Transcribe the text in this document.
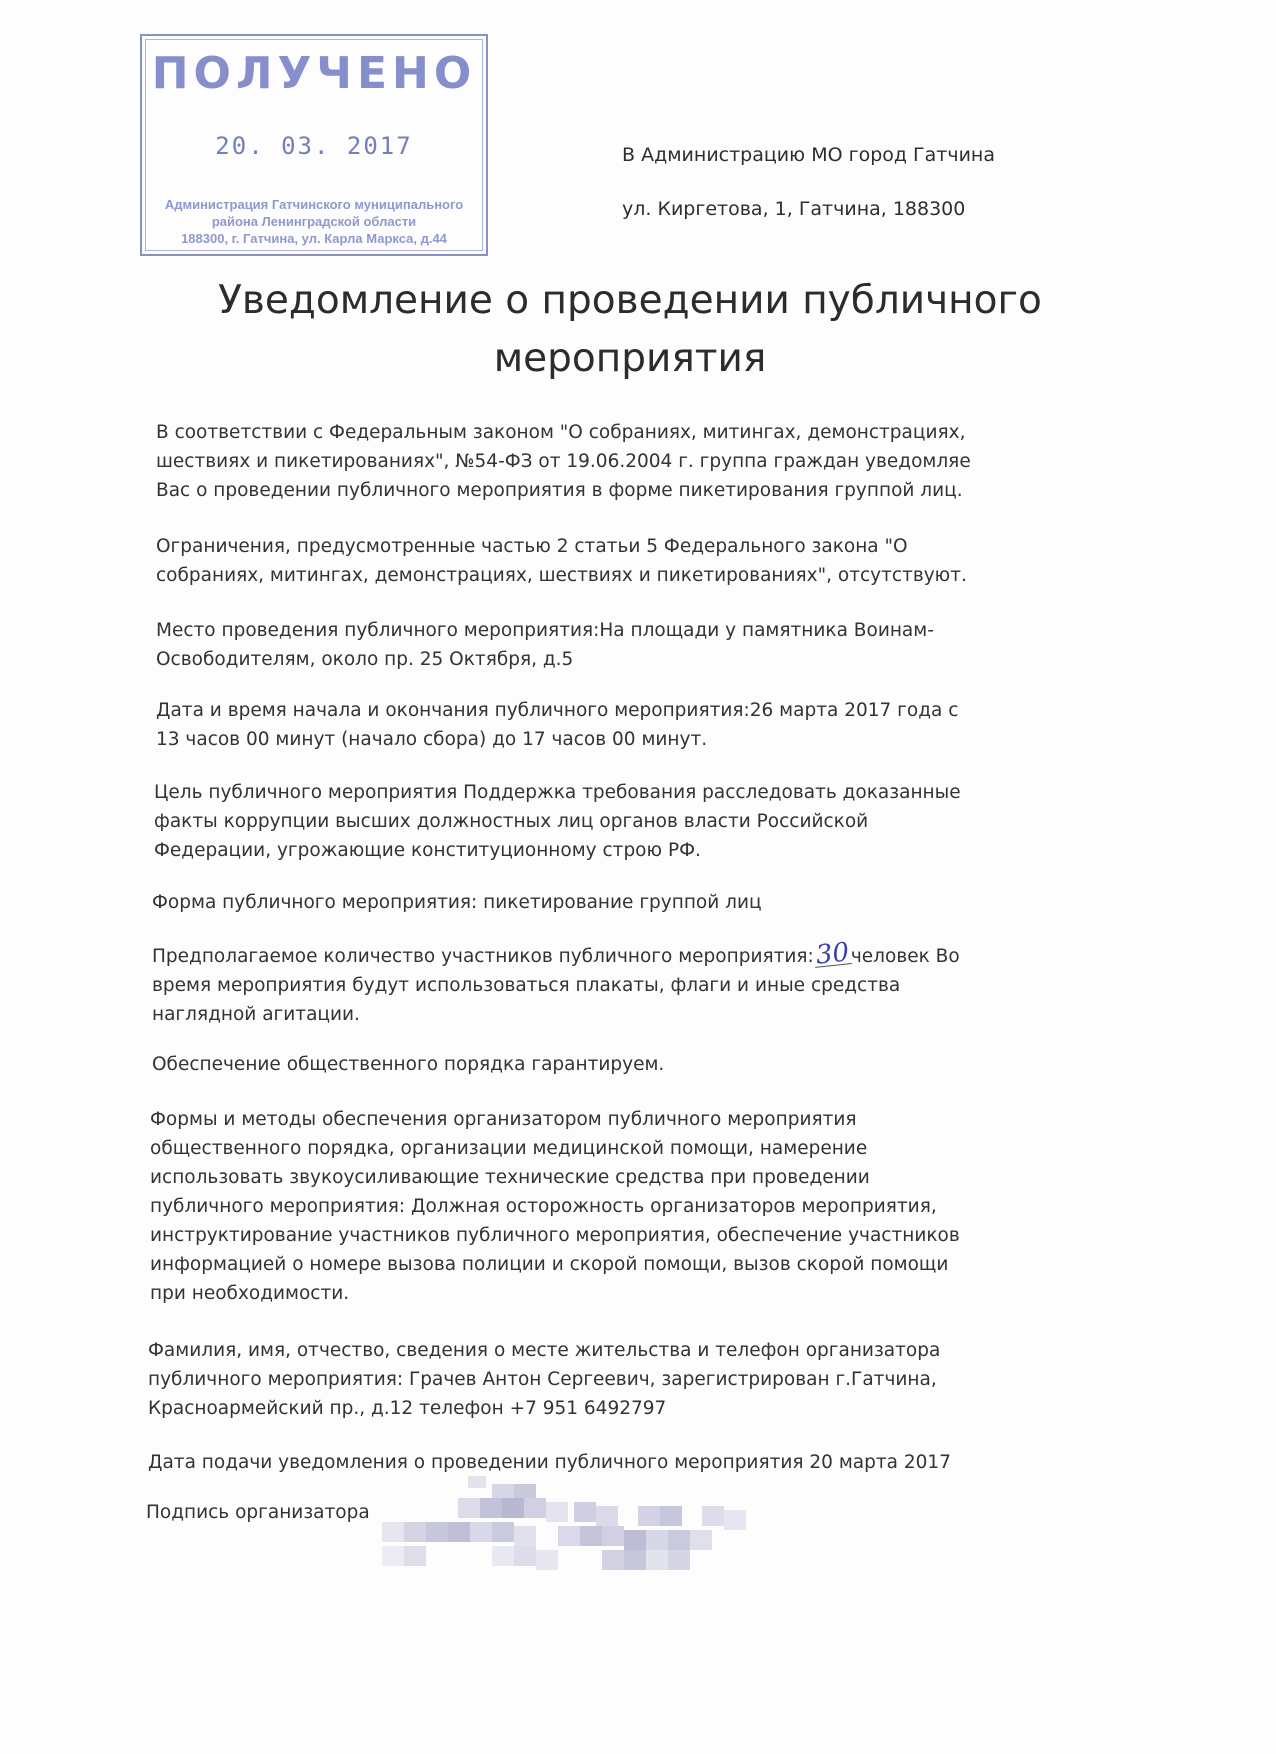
ПОЛУЧЕНО
20. 03. 2017
Администрация Гатчинского муниципального
района Ленинградской области
188300, г. Гатчина, ул. Карла Маркса, д.44
В Администрацию МО город Гатчина
ул. Киргетова, 1, Гатчина, 188300
Уведомление о проведении публичного
мероприятия
В соответствии с Федеральным законом "О собраниях, митингах, демонстрациях,
шествиях и пикетированиях", №54-ФЗ от 19.06.2004 г. группа граждан уведомляе
Вас о проведении публичного мероприятия в форме пикетирования группой лиц.
Ограничения, предусмотренные частью 2 статьи 5 Федерального закона "О
собраниях, митингах, демонстрациях, шествиях и пикетированиях", отсутствуют.
Место проведения публичного мероприятия:На площади у памятника Воинам-
Освободителям, около пр. 25 Октября, д.5
Дата и время начала и окончания публичного мероприятия:26 марта 2017 года с
13 часов 00 минут (начало сбора) до 17 часов 00 минут.
Цель публичного мероприятия Поддержка требования расследовать доказанные
факты коррупции высших должностных лиц органов власти Российской
Федерации, угрожающие конституционному строю РФ.
Форма публичного мероприятия: пикетирование группой лиц
Предполагаемое количество участников публичного мероприятия:30человек Во
время мероприятия будут использоваться плакаты, флаги и иные средства
наглядной агитации.
Обеспечение общественного порядка гарантируем.
Формы и методы обеспечения организатором публичного мероприятия
общественного порядка, организации медицинской помощи, намерение
использовать звукоусиливающие технические средства при проведении
публичного мероприятия: Должная осторожность организаторов мероприятия,
инструктирование участников публичного мероприятия, обеспечение участников
информацией о номере вызова полиции и скорой помощи, вызов скорой помощи
при необходимости.
Фамилия, имя, отчество, сведения о месте жительства и телефон организатора
публичного мероприятия: Грачев Антон Сергеевич, зарегистрирован г.Гатчина,
Красноармейский пр., д.12 телефон +7 951 6492797
Дата подачи уведомления о проведении публичного мероприятия 20 марта 2017
Подпись организатора
